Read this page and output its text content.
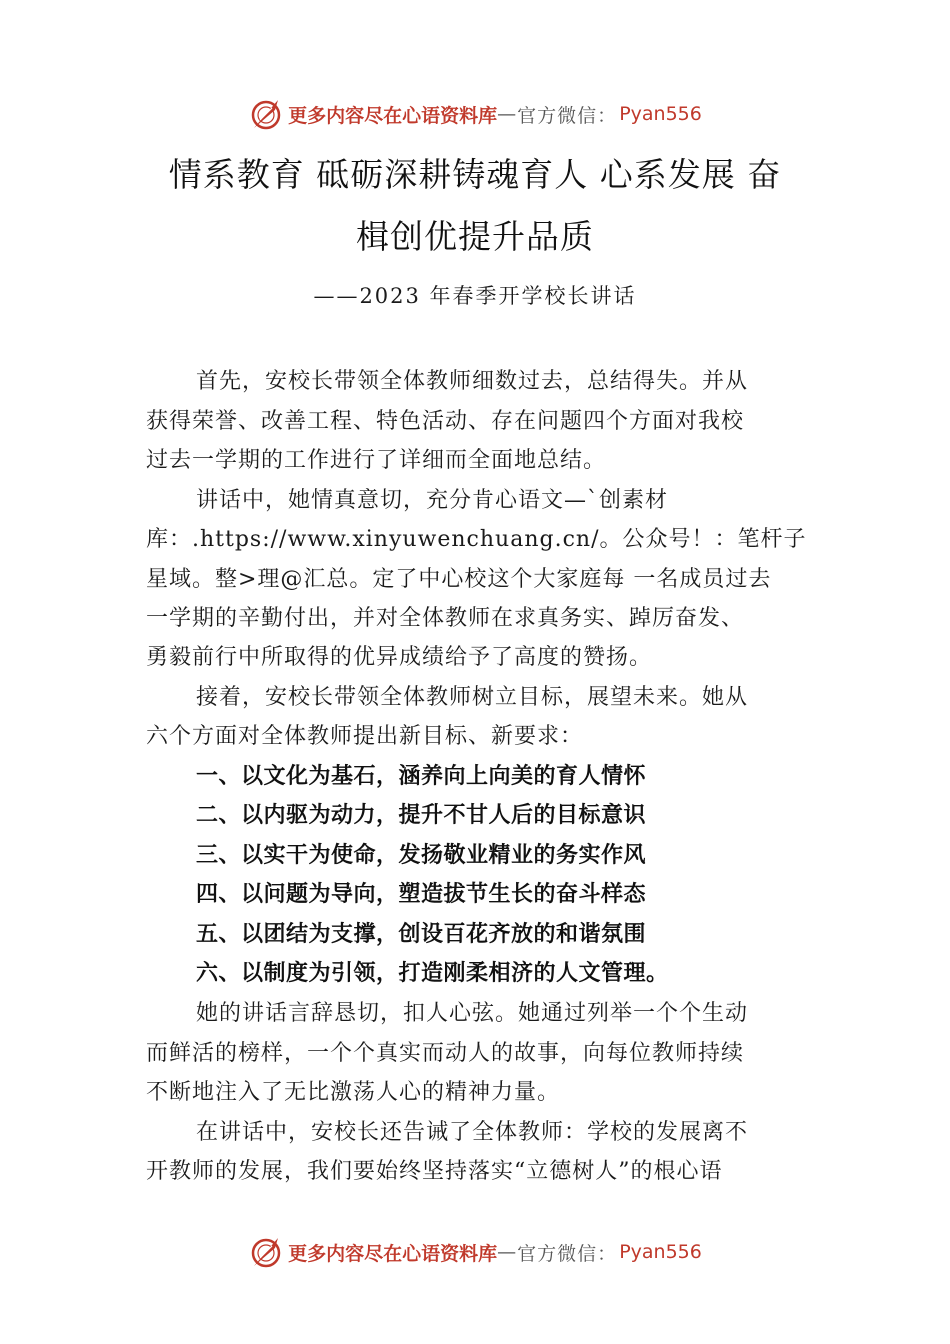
更多内容尽在心语资料库 — 官方微信： Pyan556
情系教育 砥砺深耕铸魂育人 心系发展 奋
楫创优提升品质
——2023 年春季开学校长讲话
首先，安校长带领全体教师细数过去，总结得失。并从
获得荣誉、改善工程、特色活动、存在问题四个方面对我校
过去一学期的工作进行了详细而全面地总结。
讲话中，她情真意切，充分肯心语文—`创素材
库：.https://www.xinyuwenchuang.cn/。公众号！：笔杆子
星域。整>理@汇总。定了中心校这个大家庭每 一名成员过去
一学期的辛勤付出，并对全体教师在求真务实、踔厉奋发、
勇毅前行中所取得的优异成绩给予了高度的赞扬。
接着，安校长带领全体教师树立目标，展望未来。她从
六个方面对全体教师提出新目标、新要求：
一、以文化为基石，涵养向上向美的育人情怀
二、以内驱为动力，提升不甘人后的目标意识
三、以实干为使命，发扬敬业精业的务实作风
四、以问题为导向，塑造拔节生长的奋斗样态
五、以团结为支撑，创设百花齐放的和谐氛围
六、以制度为引领，打造刚柔相济的人文管理。
她的讲话言辞恳切，扣人心弦。她通过列举一个个生动
而鲜活的榜样，一个个真实而动人的故事，向每位教师持续
不断地注入了无比激荡人心的精神力量。
在讲话中，安校长还告诫了全体教师：学校的发展离不
开教师的发展，我们要始终坚持落实“立德树人”的根心语
更多内容尽在心语资料库 — 官方微信： Pyan556
